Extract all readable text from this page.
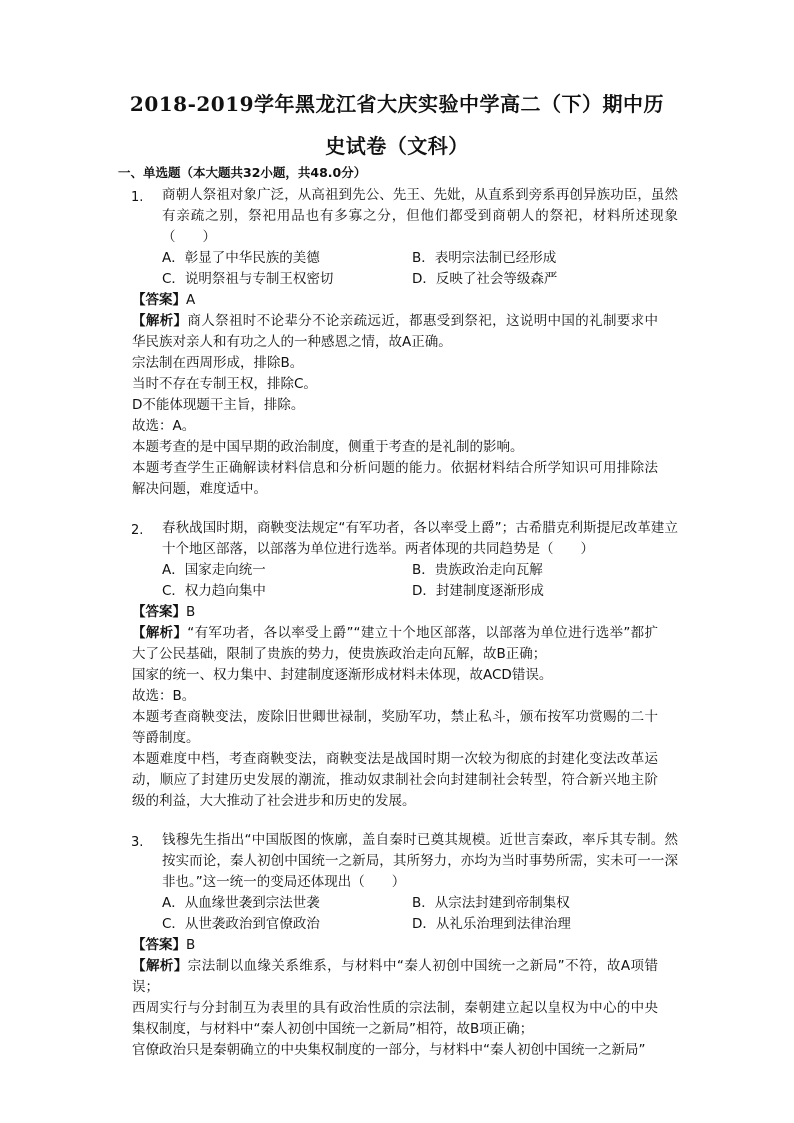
2018-2019学年黑龙江省大庆实验中学高二（下）期中历
史试卷（文科）
一、单选题（本大题共32小题，共48.0分）
1.	商朝人祭祖对象广泛，从高祖到先公、先王、先妣，从直系到旁系再创异族功臣，虽然有亲疏之别，祭祀用品也有多寡之分，但他们都受到商朝人的祭祀，材料所述现象（　　）
A．彰显了中华民族的美德	B．表明宗法制已经形成
C．说明祭祖与专制王权密切	D．反映了社会等级森严
【答案】A
【解析】商人祭祖时不论辈分不论亲疏远近，都惠受到祭祀，这说明中国的礼制要求中华民族对亲人和有功之人的一种感恩之情，故A正确。
宗法制在西周形成，排除B。
当时不存在专制王权，排除C。
D不能体现题干主旨，排除。
故选：A。
本题考查的是中国早期的政治制度，侧重于考查的是礼制的影响。
本题考查学生正确解读材料信息和分析问题的能力。依据材料结合所学知识可用排除法解决问题，难度适中。
2.	春秋战国时期，商鞅变法规定“有军功者，各以率受上爵”；古希腊克利斯提尼改革建立十个地区部落，以部落为单位进行选举。两者体现的共同趋势是（　　）
A．国家走向统一	B．贵族政治走向瓦解
C．权力趋向集中	D．封建制度逐渐形成
【答案】B
【解析】“有军功者，各以率受上爵”“建立十个地区部落，以部落为单位进行选举”都扩大了公民基础，限制了贵族的势力，使贵族政治走向瓦解，故B正确；
国家的统一、权力集中、封建制度逐渐形成材料未体现，故ACD错误。
故选：B。
本题考查商鞅变法，废除旧世卿世禄制，奖励军功，禁止私斗，颁布按军功赏赐的二十等爵制度。
本题难度中档，考查商鞅变法，商鞅变法是战国时期一次较为彻底的封建化变法改革运动，顺应了封建历史发展的潮流，推动奴隶制社会向封建制社会转型，符合新兴地主阶级的利益，大大推动了社会进步和历史的发展。
3.	钱穆先生指出“中国版图的恢廓，盖自秦时已奠其规模。近世言秦政，率斥其专制。然按实而论，秦人初创中国统一之新局，其所努力，亦均为当时事势所需，实未可一一深非也。”这一统一的变局还体现出（　　）
A．从血缘世袭到宗法世袭	B．从宗法封建到帝制集权
C．从世袭政治到官僚政治	D．从礼乐治理到法律治理
【答案】B
【解析】宗法制以血缘关系维系，与材料中“秦人初创中国统一之新局”不符，故A项错误；
西周实行与分封制互为表里的具有政治性质的宗法制，秦朝建立起以皇权为中心的中央集权制度，与材料中“秦人初创中国统一之新局”相符，故B项正确；
官僚政治只是秦朝确立的中央集权制度的一部分，与材料中“秦人初创中国统一之新局”
